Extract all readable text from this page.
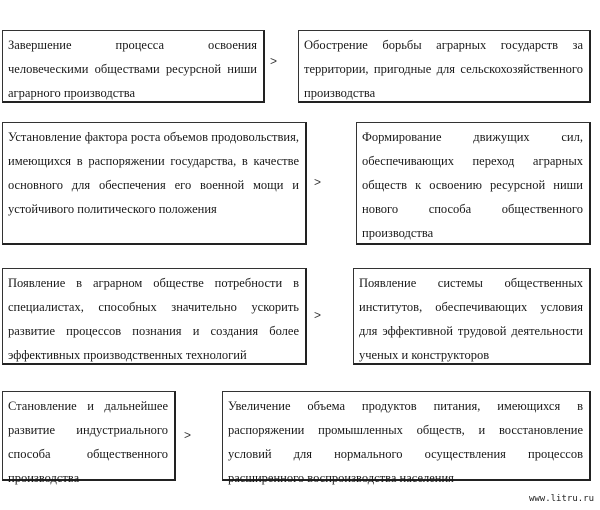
Завершение процесса освоения человеческими обществами ресурсной ниши аграрного производства
>
Обострение борьбы аграрных государств за территории, пригодные для сельскохозяйственного производства
Установление фактора роста объемов продовольствия, имеющихся в распоряжении государства, в качестве основного для обеспечения его военной мощи и устойчивого политического положения
>
Формирование движущих сил, обеспечивающих переход аграрных обществ к освоению ресурсной ниши нового способа общественного производства
Появление в аграрном обществе потребности в специалистах, способных значительно ускорить развитие процессов познания и создания более эффективных производственных технологий
>
Появление системы общественных институтов, обеспечивающих условия для эффективной трудовой деятельности ученых и конструкторов
Становление и дальнейшее развитие индустриального способа общественного производства
>
Увеличение объема продуктов питания, имеющихся в распоряжении промышленных обществ, и восстановление условий для нормального осуществления процессов расширенного воспроизводства населения
www.litru.ru
